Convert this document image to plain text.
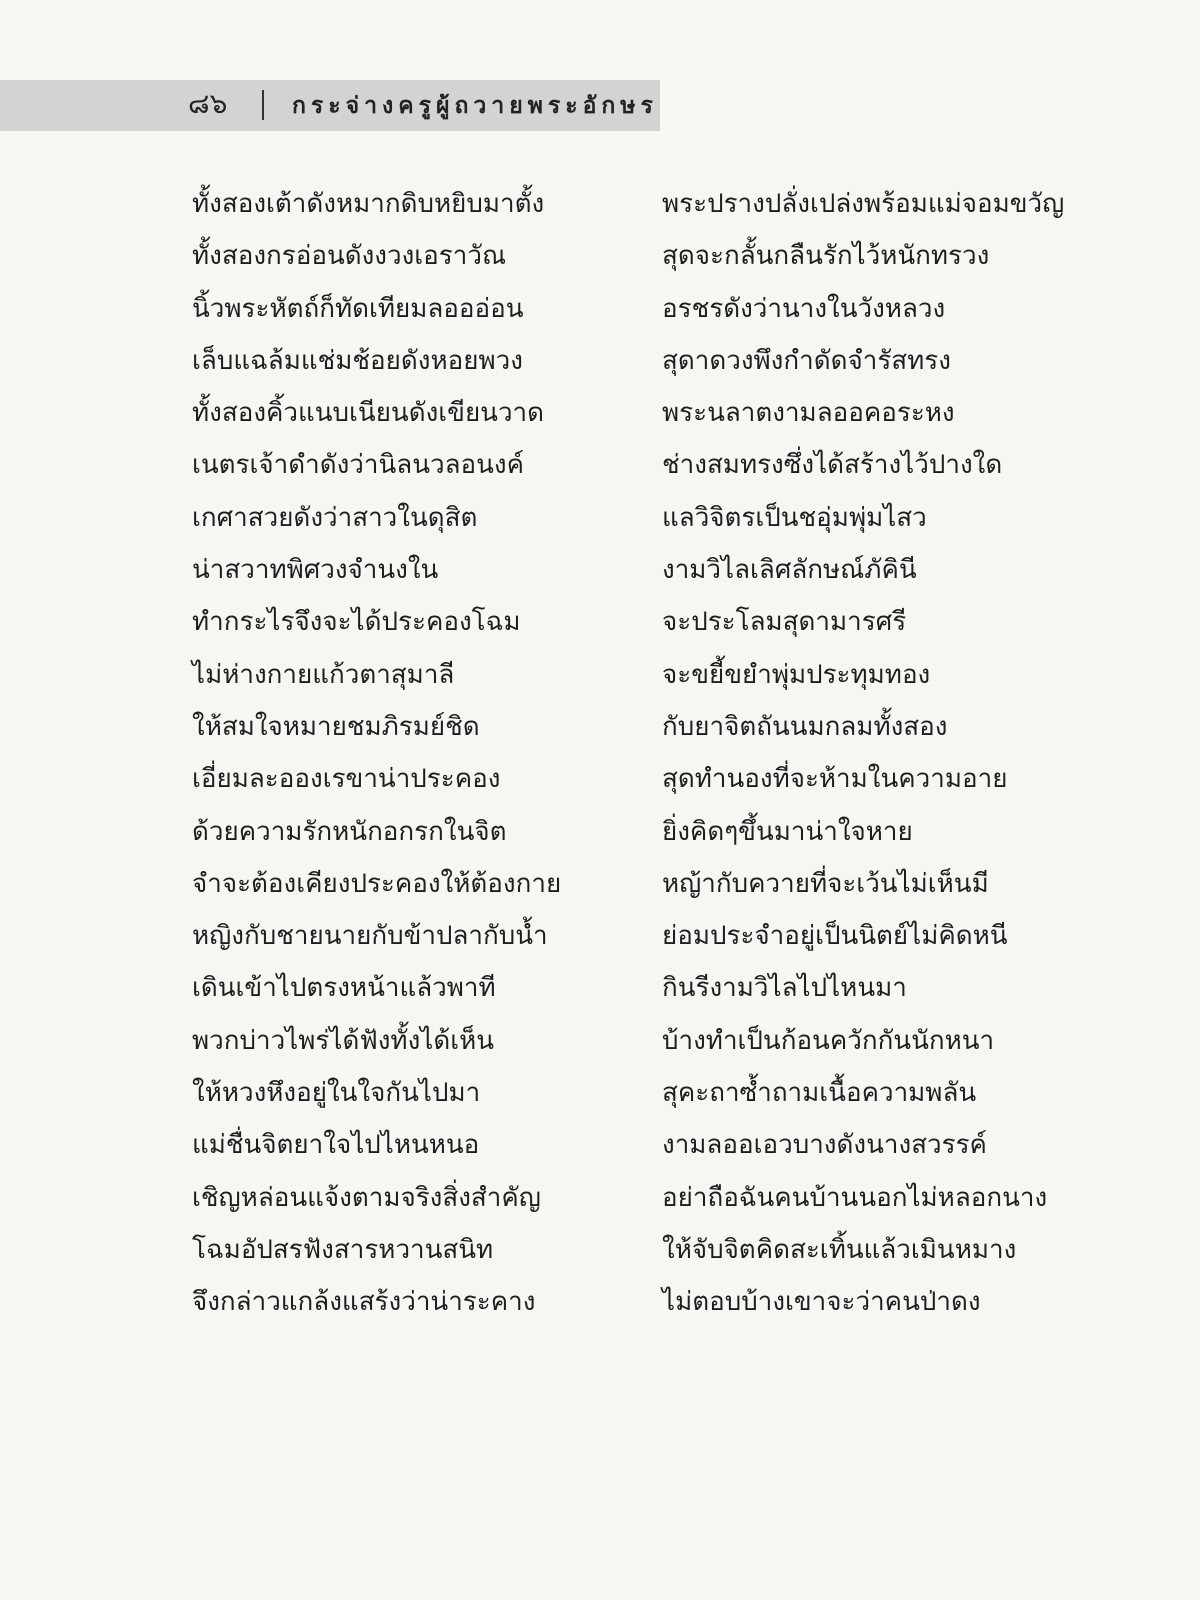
๘๖	กระจ่างครูผู้ถวายพระอักษร
ทั้งสองเต้าดังหมากดิบหยิบมาตั้ง
ทั้งสองกรอ่อนดังงวงเอราวัณ
นิ้วพระหัตถ์ก็ทัดเทียมลอออ่อน
เล็บแฉล้มแช่มช้อยดังหอยพวง
ทั้งสองคิ้วแนบเนียนดังเขียนวาด
เนตรเจ้าดำดังว่านิลนวลอนงค์
เกศาสวยดังว่าสาวในดุสิต
น่าสวาทพิศวงจำนงใน
ทำกระไรจึงจะได้ประคองโฉม
ไม่ห่างกายแก้วตาสุมาลี
ให้สมใจหมายชมภิรมย์ชิด
เอี่ยมละอองเรขาน่าประคอง
ด้วยความรักหนักอกรกในจิต
จำจะต้องเคียงประคองให้ต้องกาย
หญิงกับชายนายกับข้าปลากับน้ำ
เดินเข้าไปตรงหน้าแล้วพาที
พวกบ่าวไพร่ได้ฟังทั้งได้เห็น
ให้หวงหึงอยู่ในใจกันไปมา
แม่ชื่นจิตยาใจไปไหนหนอ
เชิญหล่อนแจ้งตามจริงสิ่งสำคัญ
โฉมอัปสรฟังสารหวานสนิท
จึงกล่าวแกล้งแสร้งว่าน่าระคาง
พระปรางปลั่งเปล่งพร้อมแม่จอมขวัญ
สุดจะกลั้นกลืนรักไว้หนักทรวง
อรชรดังว่านางในวังหลวง
สุดาดวงพึงกำดัดจำรัสทรง
พระนลาตงามลออคอระหง
ช่างสมทรงซึ่งได้สร้างไว้ปางใด
แลวิจิตรเป็นชอุ่มพุ่มไสว
งามวิไลเลิศลักษณ์ภัคินี
จะประโลมสุดามารศรี
จะขยี้ขยำพุ่มประทุมทอง
กับยาจิตถันนมกลมทั้งสอง
สุดทำนองที่จะห้ามในความอาย
ยิ่งคิดๆขึ้นมาน่าใจหาย
หญ้ากับควายที่จะเว้นไม่เห็นมี
ย่อมประจำอยู่เป็นนิตย์ไม่คิดหนี
กินรีงามวิไลไปไหนมา
บ้างทำเป็นก้อนควักกันนักหนา
สุคะถาซ้ำถามเนื้อความพลัน
งามลออเอวบางดังนางสวรรค์
อย่าถือฉันคนบ้านนอกไม่หลอกนาง
ให้จับจิตคิดสะเทิ้นแล้วเมินหมาง
ไม่ตอบบ้างเขาจะว่าคนป่าดง
